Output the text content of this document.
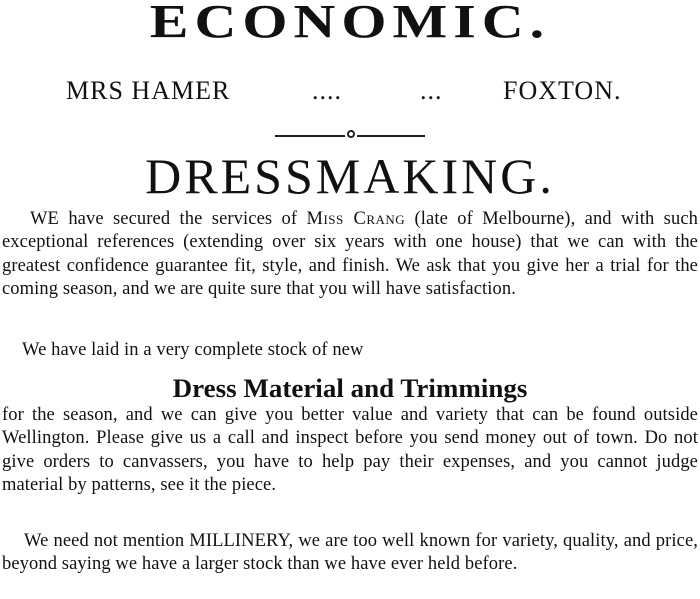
ECONOMIC.
MRS HAMER	....	... FOXTON.
DRESSMAKING.
WE have secured the services of Miss Crang (late of Melbourne), and with such exceptional references (extending over six years with one house) that we can with the greatest confidence guarantee fit, style, and finish. We ask that you give her a trial for the coming season, and we are quite sure that you will have satisfaction.
We have laid in a very complete stock of new
Dress Material and Trimmings
for the season, and we can give you better value and variety that can be found outside Wellington. Please give us a call and inspect before you send money out of town. Do not give orders to canvassers, you have to help pay their expenses, and you cannot judge material by patterns, see it the piece.
We need not mention MILLINERY, we are too well known for variety, quality, and price, beyond saying we have a larger stock than we have ever held before.
